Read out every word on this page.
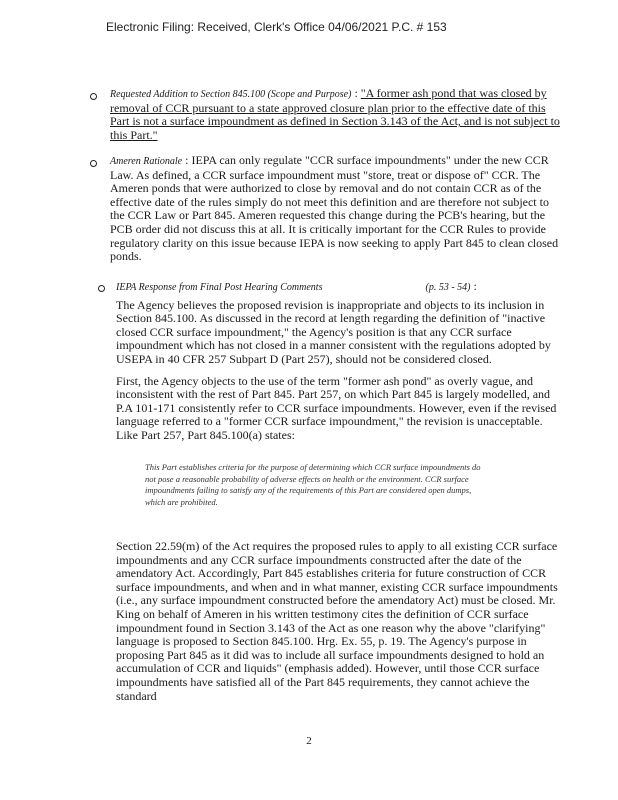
Electronic Filing: Received, Clerk's Office 04/06/2021 P.C. # 153
Requested Addition to Section 845.100 (Scope and Purpose) : "A former ash pond that was closed by removal of CCR pursuant to a state approved closure plan prior to the effective date of this Part is not a surface impoundment as defined in Section 3.143 of the Act, and is not subject to this Part."
Ameren Rationale : IEPA can only regulate "CCR surface impoundments" under the new CCR Law. As defined, a CCR surface impoundment must "store, treat or dispose of" CCR. The Ameren ponds that were authorized to close by removal and do not contain CCR as of the effective date of the rules simply do not meet this definition and are therefore not subject to the CCR Law or Part 845. Ameren requested this change during the PCB's hearing, but the PCB order did not discuss this at all. It is critically important for the CCR Rules to provide regulatory clarity on this issue because IEPA is now seeking to apply Part 845 to clean closed ponds.
IEPA Response from Final Post Hearing Comments	(p. 53 - 54) :

The Agency believes the proposed revision is inappropriate and objects to its inclusion in Section 845.100. As discussed in the record at length regarding the definition of "inactive closed CCR surface impoundment," the Agency's position is that any CCR surface impoundment which has not closed in a manner consistent with the regulations adopted by USEPA in 40 CFR 257 Subpart D (Part 257), should not be considered closed.

First, the Agency objects to the use of the term "former ash pond" as overly vague, and inconsistent with the rest of Part 845. Part 257, on which Part 845 is largely modelled, and P.A 101-171 consistently refer to CCR surface impoundments. However, even if the revised language referred to a "former CCR surface impoundment," the revision is unacceptable. Like Part 257, Part 845.100(a) states:

This Part establishes criteria for the purpose of determining which CCR surface impoundments do not pose a reasonable probability of adverse effects on health or the environment. CCR surface impoundments failing to satisfy any of the requirements of this Part are considered open dumps, which are prohibited.

Section 22.59(m) of the Act requires the proposed rules to apply to all existing CCR surface impoundments and any CCR surface impoundments constructed after the date of the amendatory Act. Accordingly, Part 845 establishes criteria for future construction of CCR surface impoundments, and when and in what manner, existing CCR surface impoundments (i.e., any surface impoundment constructed before the amendatory Act) must be closed. Mr. King on behalf of Ameren in his written testimony cites the definition of CCR surface impoundment found in Section 3.143 of the Act as one reason why the above "clarifying" language is proposed to Section 845.100. Hrg. Ex. 55, p. 19. The Agency's purpose in proposing Part 845 as it did was to include all surface impoundments designed to hold an accumulation of CCR and liquids" (emphasis added). However, until those CCR surface impoundments have satisfied all of the Part 845 requirements, they cannot achieve the standard

2
